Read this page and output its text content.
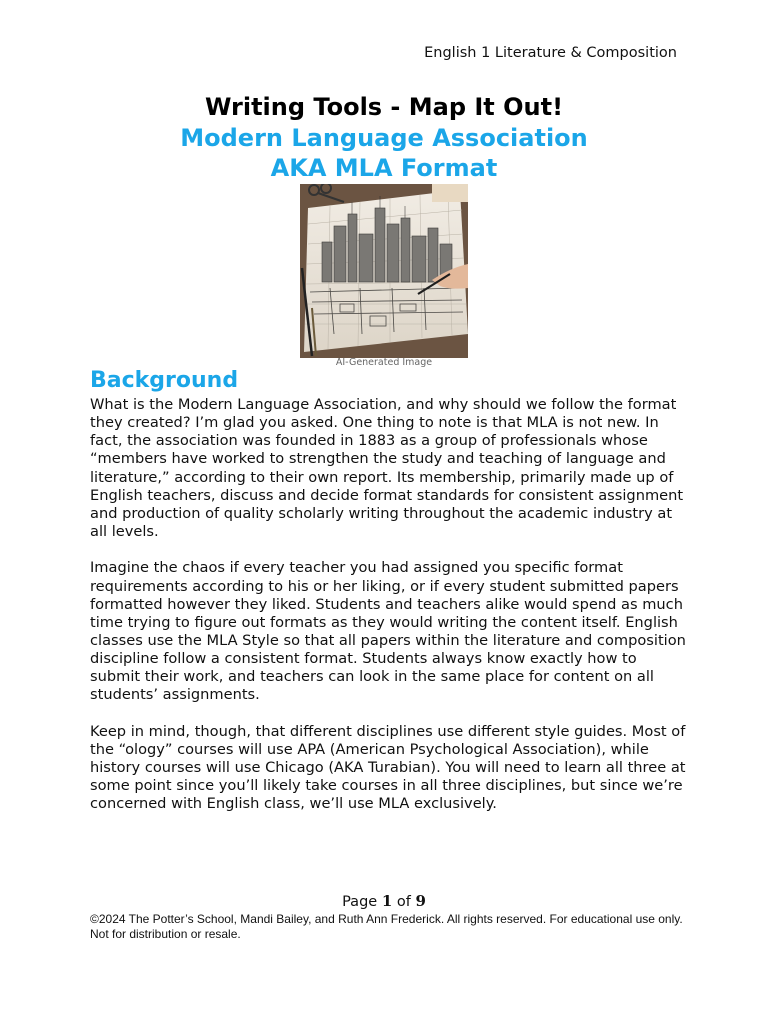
English 1 Literature & Composition
Writing Tools - Map It Out!
Modern Language Association
AKA MLA Format
AI-Generated Image
Background

What is the Modern Language Association, and why should we follow the format they created? I’m glad you asked. One thing to note is that MLA is not new. In fact, the association was founded in 1883 as a group of professionals whose “members have worked to strengthen the study and teaching of language and literature,” according to their own report. Its membership, primarily made up of English teachers, discuss and decide format standards for consistent assignment and production of quality scholarly writing throughout the academic industry at all levels.

Imagine the chaos if every teacher you had assigned you specific format requirements according to his or her liking, or if every student submitted papers formatted however they liked. Students and teachers alike would spend as much time trying to figure out formats as they would writing the content itself. English classes use the MLA Style so that all papers within the literature and composition discipline follow a consistent format. Students always know exactly how to submit their work, and teachers can look in the same place for content on all students’ assignments.

Keep in mind, though, that different disciplines use different style guides. Most of the “ology” courses will use APA (American Psychological Association), while history courses will use Chicago (AKA Turabian). You will need to learn all three at some point since you’ll likely take courses in all three disciplines, but since we’re concerned with English class, we’ll use MLA exclusively.

Page 1 of 9
©2024 The Potter’s School, Mandi Bailey, and Ruth Ann Frederick. All rights reserved. For educational use only. Not for distribution or resale.
